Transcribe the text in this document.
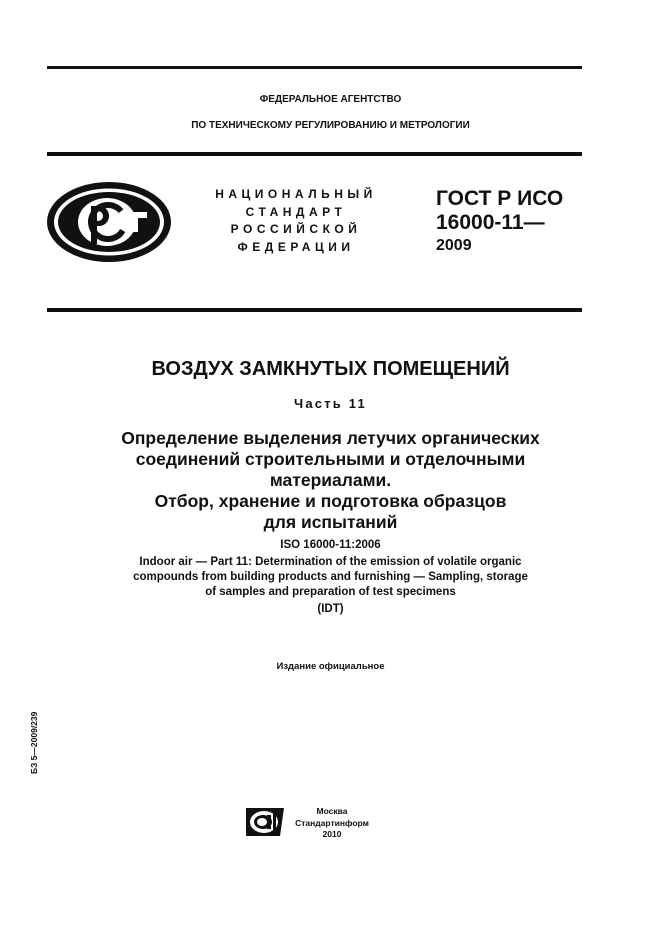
ФЕДЕРАЛЬНОЕ АГЕНТСТВО
ПО ТЕХНИЧЕСКОМУ РЕГУЛИРОВАНИЮ И МЕТРОЛОГИИ
НАЦИОНАЛЬНЫЙ
СТАНДАРТ
РОССИЙСКОЙ
ФЕДЕРАЦИИ
ГОСТ Р ИСО
16000-11—
2009
ВОЗДУХ ЗАМКНУТЫХ ПОМЕЩЕНИЙ
Часть 11
Определение выделения летучих органических
соединений строительными и отделочными
материалами.
Отбор, хранение и подготовка образцов
для испытаний
ISO 16000-11:2006
Indoor air — Part 11: Determination of the emission of volatile organic
compounds from building products and furnishing — Sampling, storage
of samples and preparation of test specimens
(IDT)
Издание официальное
БЗ 5—2009/239
Москва
Стандартинформ
2010
